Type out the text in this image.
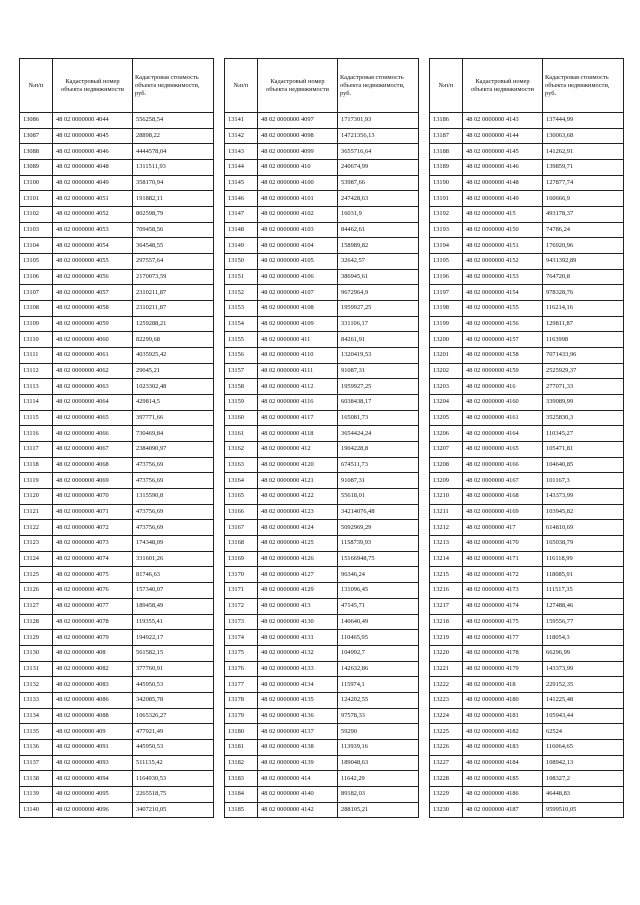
№п/п	Кадастровый номер объекта недвижимости	Кадастровая стоимость объекта недвижимости, руб.
13086	48 02 0000000 4044	556258,54
13087	48 02 0000000 4045	28898,22
13088	48 02 0000000 4046	4444578,04
13089	48 02 0000000 4048	1311511,93
13100	48 02 0000000 4049	358170,94
13101	48 02 0000000 4051	191882,11
13102	48 02 0000000 4052	802598,79
13103	48 02 0000000 4053	709458,56
13104	48 02 0000000 4054	364548,55
13105	48 02 0000000 4055	297557,64
13106	48 02 0000000 4056	2170073,59
13107	48 02 0000000 4057	2310211,87
13108	48 02 0000000 4058	2310211,87
13109	48 02 0000000 4059	1259288,21
13110	48 02 0000000 4060	82299,68
13111	48 02 0000000 4061	4035925,42
13112	48 02 0000000 4062	29045,21
13113	48 02 0000000 4063	1023302,48
13114	48 02 0000000 4064	429814,5
13115	48 02 0000000 4065	397771,66
13116	48 02 0000000 4066	730469,84
13117	48 02 0000000 4067	2384090,97
13118	48 02 0000000 4068	473756,69
13119	48 02 0000000 4069	473756,69
13120	48 02 0000000 4070	1315590,8
13121	48 02 0000000 4071	473756,69
13122	48 02 0000000 4072	473756,69
13123	48 02 0000000 4073	174348,09
13124	48 02 0000000 4074	331601,26
13125	48 02 0000000 4075	81746,63
13126	48 02 0000000 4076	157340,07
13127	48 02 0000000 4077	189458,49
13128	48 02 0000000 4078	119355,41
13129	48 02 0000000 4079	194922,17
13130	48 02 0000000 408	561582,15
13131	48 02 0000000 4082	377760,91
13132	48 02 0000000 4083	445950,53
13133	48 02 0000000 4086	342085,78
13134	48 02 0000000 4088	1065326,27
13135	48 02 0000000 409	477921,49
13136	48 02 0000000 4091	445950,53
13137	48 02 0000000 4093	511135,42
13138	48 02 0000000 4094	1164930,53
13139	48 02 0000000 4095	2265518,75
13140	48 02 0000000 4096	3407210,05
№п/п	Кадастровый номер объекта недвижимости	Кадастровая стоимость объекта недвижимости, руб.
13141	48 02 0000000 4097	1717301,93
13142	48 02 0000000 4098	14721356,13
13143	48 02 0000000 4099	3655716,64
13144	48 02 0000000 410	240674,99
13145	48 02 0000000 4100	53987,66
13146	48 02 0000000 4101	247428,63
13147	48 02 0000000 4102	16031,9
13148	48 02 0000000 4103	84462,61
13149	48 02 0000000 4104	158989,82
13150	48 02 0000000 4105	32642,57
13151	48 02 0000000 4106	386945,61
13152	48 02 0000000 4107	9672964,9
13153	48 02 0000000 4108	1959927,25
13154	48 02 0000000 4109	331106,17
13155	48 02 0000000 411	84261,91
13156	48 02 0000000 4110	1320419,53
13157	48 02 0000000 4111	91087,31
13158	48 02 0000000 4112	1959927,25
13159	48 02 0000000 4116	6038438,17
13160	48 02 0000000 4117	165081,73
13161	48 02 0000000 4118	3654424,24
13162	48 02 0000000 412	1904228,8
13163	48 02 0000000 4120	674511,73
13164	48 02 0000000 4121	91087,31
13165	48 02 0000000 4122	55618,01
13166	48 02 0000000 4123	34214076,48
13167	48 02 0000000 4124	5092969,29
13168	48 02 0000000 4125	1158739,93
13169	48 02 0000000 4126	15166948,75
13170	48 02 0000000 4127	96346,24
13171	48 02 0000000 4129	131096,45
13172	48 02 0000000 413	47145,71
13173	48 02 0000000 4130	140640,49
13174	48 02 0000000 4131	110465,95
13175	48 02 0000000 4132	104992,7
13176	48 02 0000000 4133	142632,86
13177	48 02 0000000 4134	115974,1
13178	48 02 0000000 4135	124202,55
13179	48 02 0000000 4136	97578,33
13180	48 02 0000000 4137	59290
13181	48 02 0000000 4138	113939,16
13182	48 02 0000000 4139	189048,63
13183	48 02 0000000 414	11642,29
13184	48 02 0000000 4140	89182,03
13185	48 02 0000000 4142	288105,21
№п/п	Кадастровый номер объекта недвижимости	Кадастровая стоимость объекта недвижимости, руб.
13186	48 02 0000000 4143	137444,99
13187	48 02 0000000 4144	130063,68
13188	48 02 0000000 4145	141262,91
13189	48 02 0000000 4146	139859,71
13190	48 02 0000000 4148	127877,74
13191	48 02 0000000 4149	160666,9
13192	48 02 0000000 415	493178,37
13193	48 02 0000000 4150	74786,24
13194	48 02 0000000 4151	176920,96
13195	48 02 0000000 4152	9431392,89
13196	48 02 0000000 4153	764720,8
13197	48 02 0000000 4154	978328,76
13198	48 02 0000000 4155	116214,16
13199	48 02 0000000 4156	129811,87
13200	48 02 0000000 4157	1163998
13201	48 02 0000000 4158	7071433,96
13202	48 02 0000000 4159	2525929,37
13203	48 02 0000000 416	277071,33
13204	48 02 0000000 4160	339089,99
13205	48 02 0000000 4161	3525830,3
13206	48 02 0000000 4164	110345,27
13207	48 02 0000000 4165	105471,81
13208	48 02 0000000 4166	104640,85
13209	48 02 0000000 4167	101167,3
13210	48 02 0000000 4168	143373,99
13211	48 02 0000000 4169	103945,82
13212	48 02 0000000 417	614810,69
13213	48 02 0000000 4170	165038,79
13214	48 02 0000000 4171	116118,99
13215	48 02 0000000 4172	118085,91
13216	48 02 0000000 4173	111517,35
13217	48 02 0000000 4174	127488,46
13218	48 02 0000000 4175	159556,77
13219	48 02 0000000 4177	118054,3
13220	48 02 0000000 4178	66296,99
13221	48 02 0000000 4179	143373,99
13222	48 02 0000000 418	229152,35
13223	48 02 0000000 4180	141225,48
13224	48 02 0000000 4181	105943,44
13225	48 02 0000000 4182	62524
13226	48 02 0000000 4183	116064,65
13227	48 02 0000000 4184	108942,13
13228	48 02 0000000 4185	108327,2
13229	48 02 0000000 4186	46448,83
13230	48 02 0000000 4187	9599510,05
